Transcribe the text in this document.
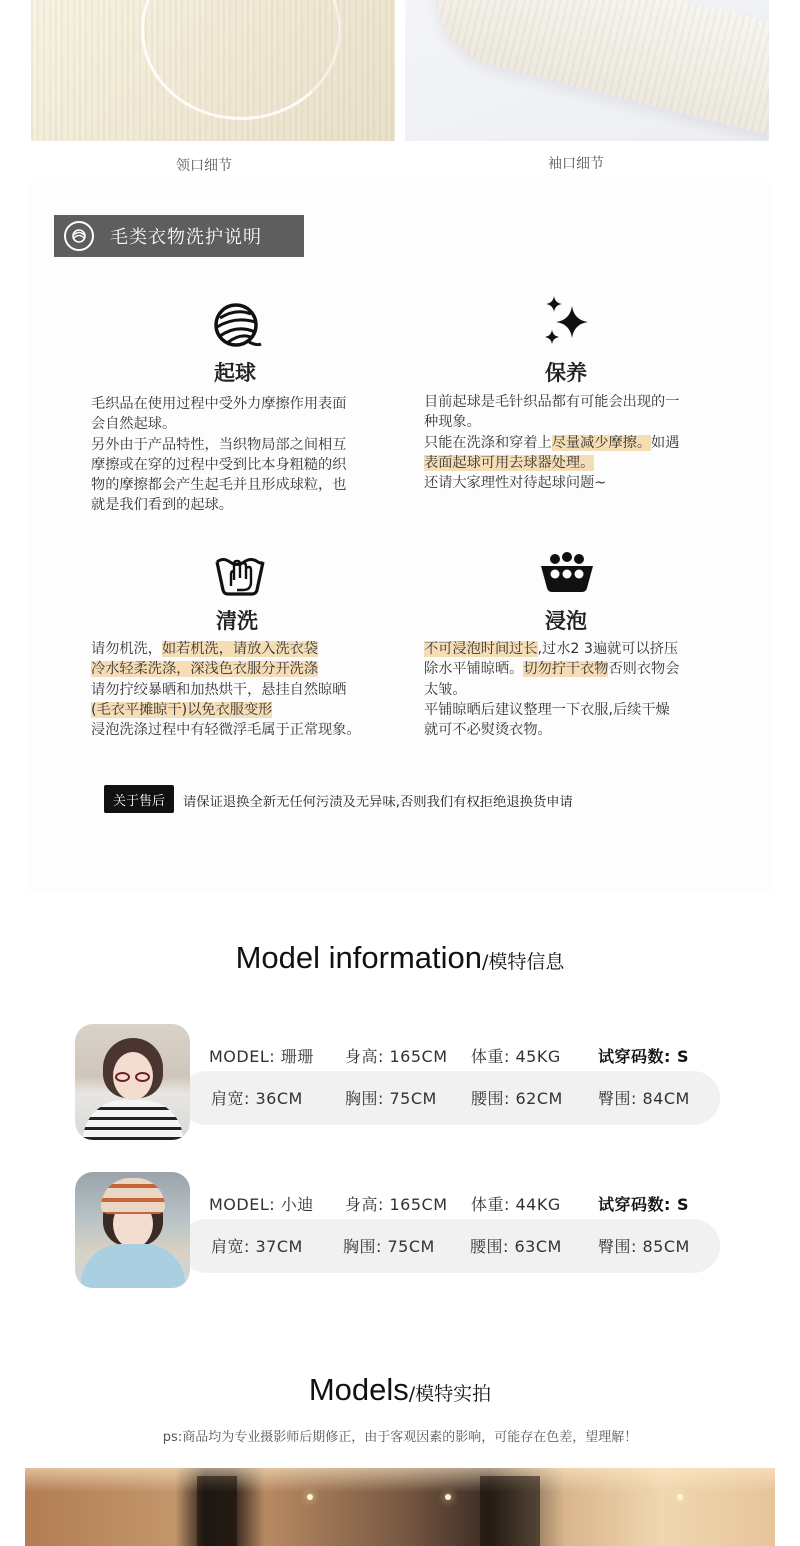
领口细节	袖口细节
毛类衣物洗护说明
起球

毛织品在使用过程中受外力摩擦作用表面

会自然起球。

另外由于产品特性，当织物局部之间相互

摩擦或在穿的过程中受到比本身粗糙的织

物的摩擦都会产生起毛并且形成球粒，也

就是我们看到的起球。

保养

目前起球是毛针织品都有可能会出现的一

种现象。

只能在洗涤和穿着上尽量减少摩擦。如遇

表面起球可用去球器处理。

还请大家理性对待起球问题~

清洗

请勿机洗，如若机洗，请放入洗衣袋

冷水轻柔洗涤，深浅色衣服分开洗涤

请勿拧绞暴晒和加热烘干，悬挂自然晾晒

(毛衣平摊晾干)以免衣服变形

浸泡洗涤过程中有轻微浮毛属于正常现象。

浸泡

不可浸泡时间过长,过水2 3遍就可以挤压

除水平铺晾晒。切勿拧干衣物否则衣物会

太皱。

平铺晾晒后建议整理一下衣服,后续干燥

就可不必熨烫衣物。

关于售后	请保证退换全新无任何污渍及无异味,否则我们有权拒绝退换货申请
Model information/模特信息
MODEL: 珊珊 身高: 165CM 体重: 45KG 试穿码数: S
肩宽: 36CM	胸围: 75CM 腰围: 62CM 臀围: 84CM
MODEL: 小迪 身高: 165CM 体重: 44KG 试穿码数: S
肩宽: 37CM	胸围: 75CM 腰围: 63CM 臀围: 85CM
Models/模特实拍
ps:商品均为专业摄影师后期修正，由于客观因素的影响，可能存在色差，望理解！
